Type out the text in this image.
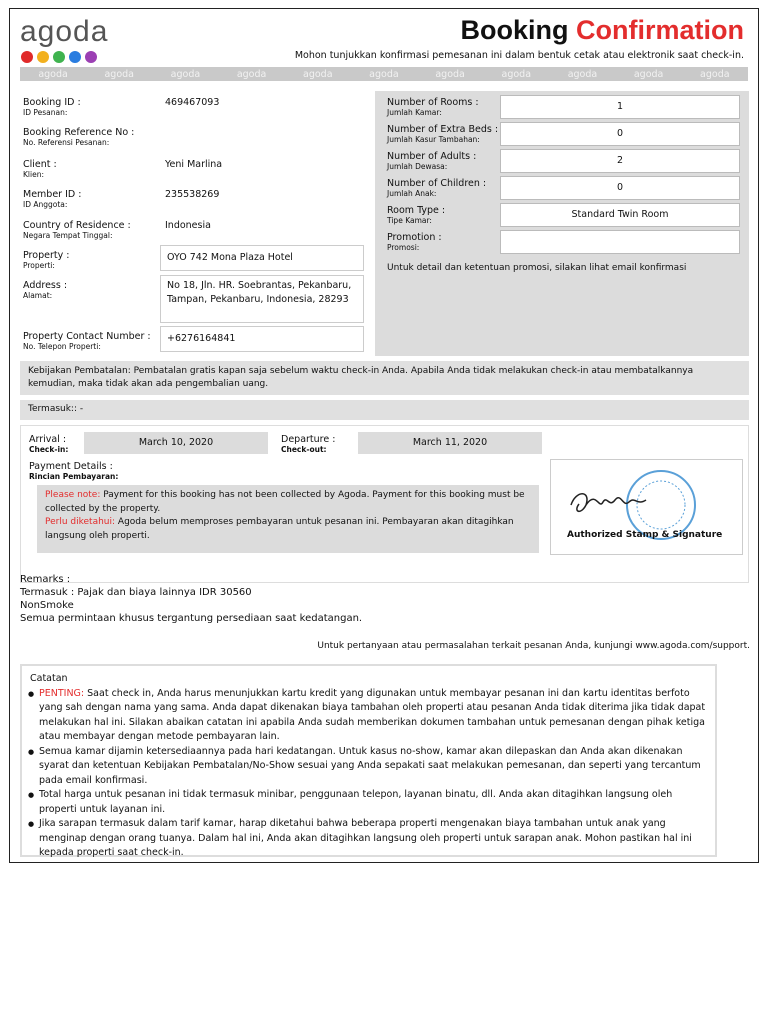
agoda	Booking Confirmation
Mohon tunjukkan konfirmasi pemesanan ini dalam bentuk cetak atau elektronik saat check-in.
agoda	agoda	agoda	agoda	agoda	agoda	agoda	agoda	agoda	agoda	agoda
Booking ID :
ID Pesanan:
469467093
Booking Reference No :
No. Referensi Pesanan:
Client :
Klien:
Yeni Marlina
Member ID :
ID Anggota:
235538269
Country of Residence :
Negara Tempat Tinggal:
Indonesia
Property :
Properti:
OYO 742 Mona Plaza Hotel
Address :
Alamat:
No 18, Jln. HR. Soebrantas, Pekanbaru, Tampan, Pekanbaru, Indonesia, 28293
Property Contact Number :
No. Telepon Properti:
+6276164841
Number of Rooms :
Jumlah Kamar:
1
Number of Extra Beds :
Jumlah Kasur Tambahan:
0
Number of Adults :
Jumlah Dewasa:
2
Number of Children :
Jumlah Anak:
0
Room Type :
Tipe Kamar:
Standard Twin Room
Promotion :
Promosi:
Untuk detail dan ketentuan promosi, silakan lihat email konfirmasi
Kebijakan Pembatalan: Pembatalan gratis kapan saja sebelum waktu check-in Anda. Apabila Anda tidak melakukan check-in atau membatalkannya kemudian, maka tidak akan ada pengembalian uang.
Termasuk:: -
Arrival :
Check-in:
March 10, 2020	Departure :
Check-out:
March 11, 2020
Payment Details :
Rincian Pembayaran:
Please note: Payment for this booking has not been collected by Agoda. Payment for this booking must be collected by the property.
Perlu diketahui: Agoda belum memproses pembayaran untuk pesanan ini. Pembayaran akan ditagihkan langsung oleh properti.	Authorized Stamp & Signature
Remarks :
Termasuk : Pajak dan biaya lainnya IDR 30560
NonSmoke
Semua permintaan khusus tergantung persediaan saat kedatangan.
Untuk pertanyaan atau permasalahan terkait pesanan Anda, kunjungi www.agoda.com/support.
Catatan
● PENTING: Saat check in, Anda harus menunjukkan kartu kredit yang digunakan untuk membayar pesanan ini dan kartu identitas berfoto yang sah dengan nama yang sama. Anda dapat dikenakan biaya tambahan oleh properti atau pesanan Anda tidak diterima jika tidak dapat melakukan hal ini. Silakan abaikan catatan ini apabila Anda sudah memberikan dokumen tambahan untuk pemesanan dengan pihak ketiga atau membayar dengan metode pembayaran lain.
● Semua kamar dijamin ketersediaannya pada hari kedatangan. Untuk kasus no-show, kamar akan dilepaskan dan Anda akan dikenakan syarat dan ketentuan Kebijakan Pembatalan/No-Show sesuai yang Anda sepakati saat melakukan pemesanan, dan seperti yang tercantum pada email konfirmasi.
● Total harga untuk pesanan ini tidak termasuk minibar, penggunaan telepon, layanan binatu, dll. Anda akan ditagihkan langsung oleh properti untuk layanan ini.
● Jika sarapan termasuk dalam tarif kamar, harap diketahui bahwa beberapa properti mengenakan biaya tambahan untuk anak yang menginap dengan orang tuanya. Dalam hal ini, Anda akan ditagihkan langsung oleh properti untuk sarapan anak. Mohon pastikan hal ini kepada properti saat check-in.
